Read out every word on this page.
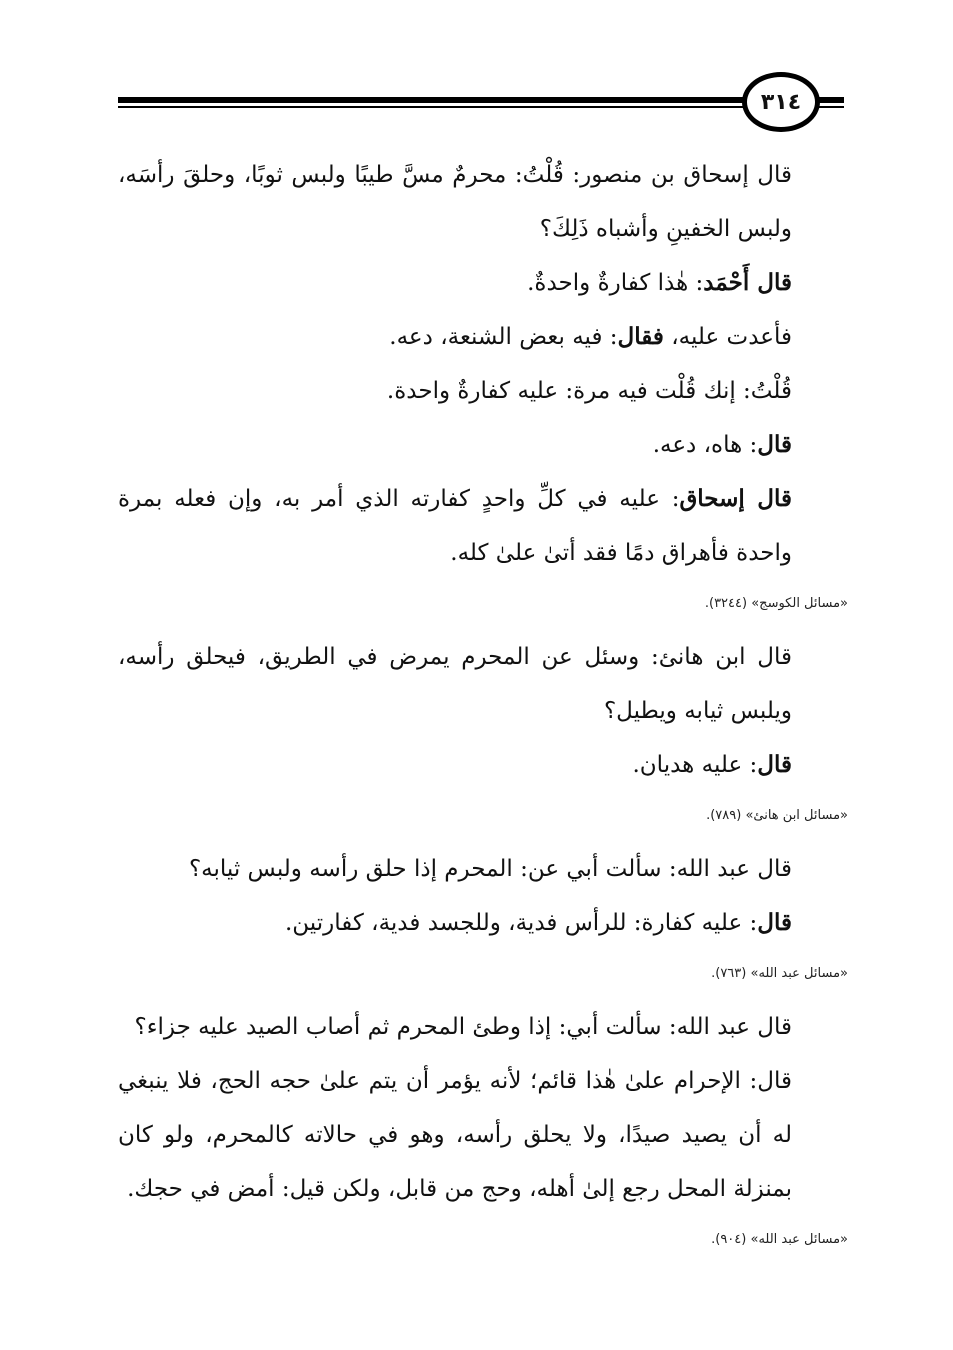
٣١٤

قال إسحاق بن منصور: قُلْتُ: محرمٌ مسَّ طيبًا ولبس ثوبًا، وحلقَ رأسَه، ولبس الخفينِ وأشباه ذَلِكَ؟

قال أَحْمَد: هٰذا كفارةٌ واحدةٌ.

فأعدت عليه، فقال: فيه بعض الشنعة، دعه.

قُلْتُ: إنك قُلْت فيه مرة: عليه كفارةٌ واحدة.

قال: هاه، دعه.

قال إسحاق: عليه في كلِّ واحدٍ كفارته الذي أمر به، وإن فعله بمرة واحدة فأهراق دمًا فقد أتىٰ علىٰ كله.

«مسائل الكوسج» (٣٢٤٤).

قال ابن هانئ: وسئل عن المحرم يمرض في الطريق، فيحلق رأسه، ويلبس ثيابه ويطيل؟

قال: عليه هديان.

«مسائل ابن هانئ» (٧٨٩).

قال عبد الله: سألت أبي عن: المحرم إذا حلق رأسه ولبس ثيابه؟

قال: عليه كفارة: للرأس فدية، وللجسد فدية، كفارتين.

«مسائل عبد الله» (٧٦٣).

قال عبد الله: سألت أبي: إذا وطئ المحرم ثم أصاب الصيد عليه جزاء؟

قال: الإحرام علىٰ هٰذا قائم؛ لأنه يؤمر أن يتم علىٰ حجه الحج، فلا ينبغي له أن يصيد صيدًا، ولا يحلق رأسه، وهو في حالاته كالمحرم، ولو كان بمنزلة المحل رجع إلىٰ أهله، وحج من قابل، ولكن قيل: أمض في حجك.

«مسائل عبد الله» (٩٠٤).
